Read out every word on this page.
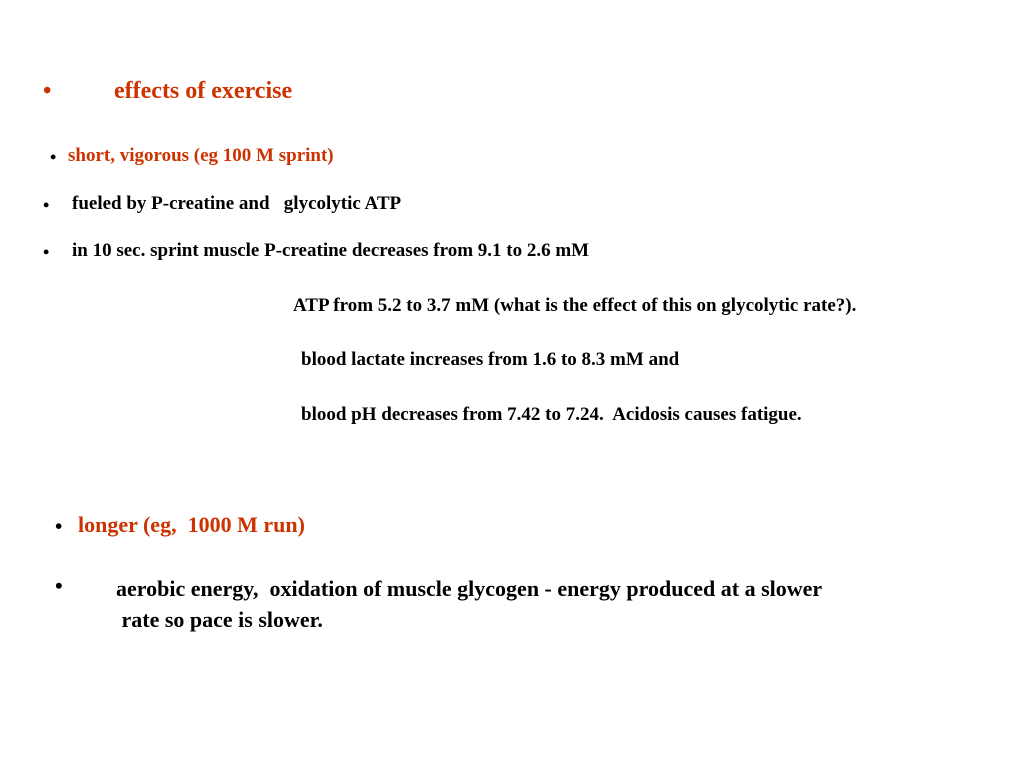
•	effects of exercise
• short, vigorous (eg 100 M sprint)
• fueled by P-creatine and   glycolytic ATP
• in 10 sec. sprint muscle P-creatine decreases from 9.1 to 2.6 mM
ATP from 5.2 to 3.7 mM (what is the effect of this on glycolytic rate?).
blood lactate increases from 1.6 to 8.3 mM and
blood pH decreases from 7.42 to 7.24.  Acidosis causes fatigue.
• longer (eg,  1000 M run)
• aerobic energy,  oxidation of muscle glycogen - energy produced at a slower
rate so pace is slower.
